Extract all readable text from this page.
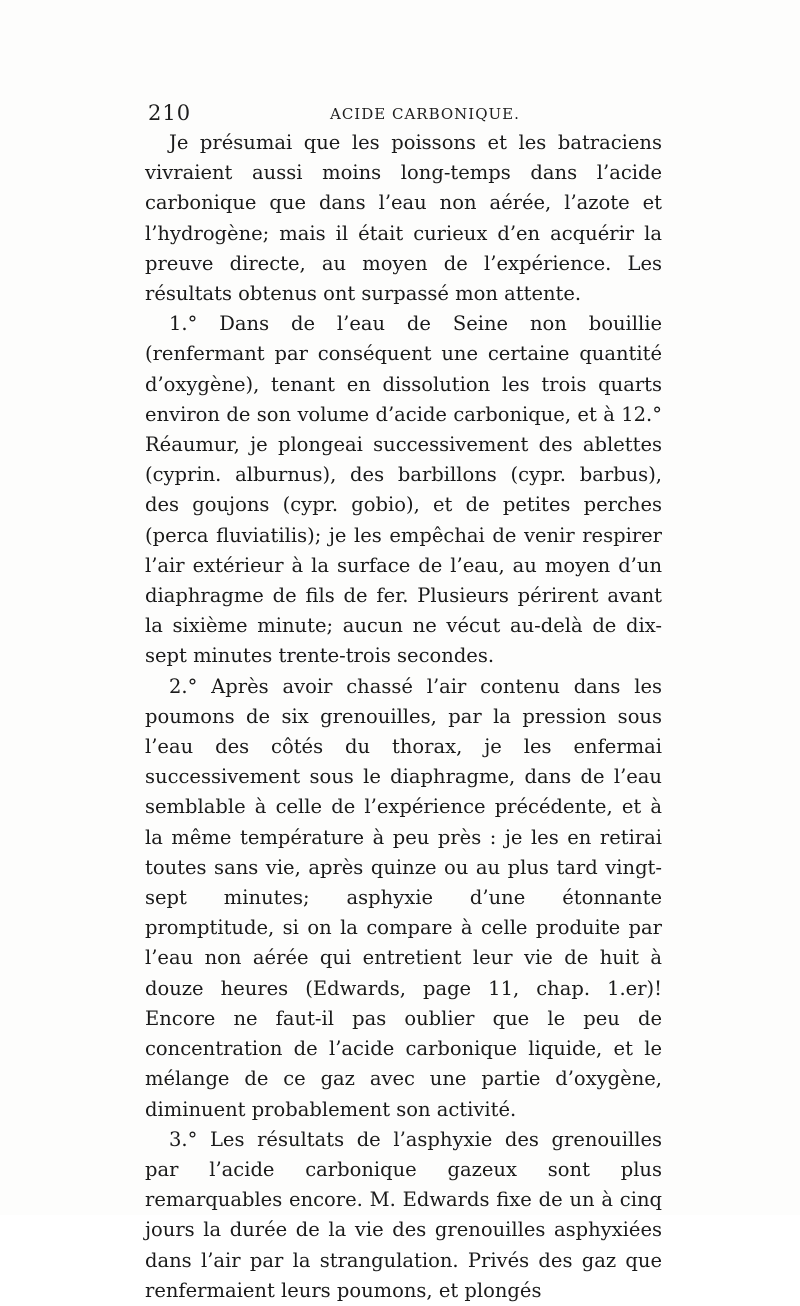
210	ACIDE CARBONIQUE.

Je présumai que les poissons et les batraciens vivraient aussi moins long-temps dans l’acide carbonique que dans l’eau non aérée, l’azote et l’hydrogène; mais il était curieux d’en acquérir la preuve directe, au moyen de l’expérience. Les résultats obtenus ont surpassé mon attente.

1.° Dans de l’eau de Seine non bouillie (renfermant par conséquent une certaine quantité d’oxygène), tenant en dissolution les trois quarts environ de son volume d’acide carbonique, et à 12.° Réaumur, je plongeai successivement des ablettes (cyprin. alburnus), des barbillons (cypr. barbus), des goujons (cypr. gobio), et de petites perches (perca fluviatilis); je les empêchai de venir respirer l’air extérieur à la surface de l’eau, au moyen d’un diaphragme de fils de fer. Plusieurs périrent avant la sixième minute; aucun ne vécut au-delà de dix-sept minutes trente-trois secondes.

2.° Après avoir chassé l’air contenu dans les poumons de six grenouilles, par la pression sous l’eau des côtés du thorax, je les enfermai successivement sous le diaphragme, dans de l’eau semblable à celle de l’expérience précédente, et à la même température à peu près : je les en retirai toutes sans vie, après quinze ou au plus tard vingt-sept minutes; asphyxie d’une étonnante promptitude, si on la compare à celle produite par l’eau non aérée qui entretient leur vie de huit à douze heures (Edwards, page 11, chap. 1.er)! Encore ne faut-il pas oublier que le peu de concentration de l’acide carbonique liquide, et le mélange de ce gaz avec une partie d’oxygène, diminuent probablement son activité.

3.° Les résultats de l’asphyxie des grenouilles par l’acide carbonique gazeux sont plus remarquables encore. M. Edwards fixe de un à cinq jours la durée de la vie des grenouilles asphyxiées dans l’air par la strangulation. Privés des gaz que renfermaient leurs poumons, et plongés
